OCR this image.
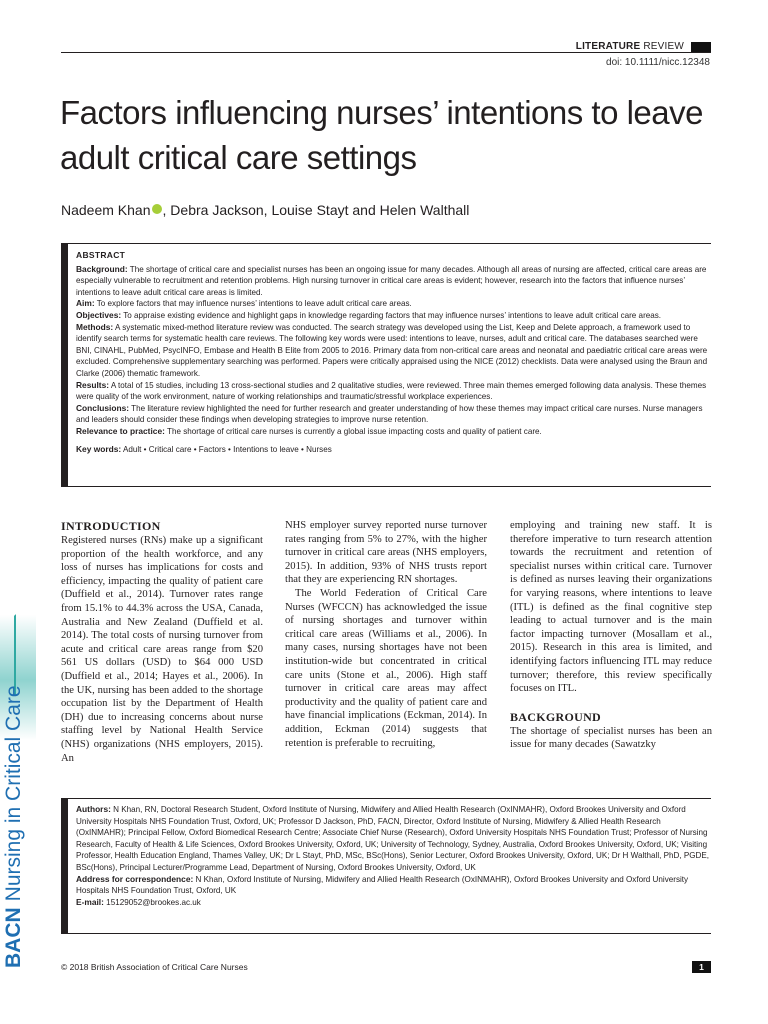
BACNNursing in Critical Care
LITERATURE REVIEW
doi: 10.1111/nicc.12348
Factors influencing nurses’ intentions to leave adult critical care settings
Nadeem Khan , Debra Jackson, Louise Stayt and Helen Walthall

ABSTRACT

Background: The shortage of critical care and specialist nurses has been an ongoing issue for many decades. Although all areas of nursing are affected, critical care areas are especially vulnerable to recruitment and retention problems. High nursing turnover in critical care areas is evident; however, research into the factors that influence nurses’ intentions to leave adult critical care areas is limited.

Aim: To explore factors that may influence nurses’ intentions to leave adult critical care areas.

Objectives: To appraise existing evidence and highlight gaps in knowledge regarding factors that may influence nurses’ intentions to leave adult critical care areas.

Methods: A systematic mixed-method literature review was conducted. The search strategy was developed using the List, Keep and Delete approach, a framework used to identify search terms for systematic health care reviews. The following key words were used: intentions to leave, nurses, adult and critical care. The databases searched were BNI, CINAHL, PubMed, PsycINFO, Embase and Health B Elite from 2005 to 2016. Primary data from non-critical care areas and neonatal and paediatric critical care areas were excluded. Comprehensive supplementary searching was performed. Papers were critically appraised using the NICE (2012) checklists. Data were analysed using the Braun and Clarke (2006) thematic framework.

Results: A total of 15 studies, including 13 cross-sectional studies and 2 qualitative studies, were reviewed. Three main themes emerged following data analysis. These themes were quality of the work environment, nature of working relationships and traumatic/stressful workplace experiences.

Conclusions: The literature review highlighted the need for further research and greater understanding of how these themes may impact critical care nurses. Nurse managers and leaders should consider these findings when developing strategies to improve nurse retention.

Relevance to practice: The shortage of critical care nurses is currently a global issue impacting costs and quality of patient care.

Key words: Adult • Critical care • Factors • Intentions to leave • Nurses

INTRODUCTION

Registered nurses (RNs) make up a significant proportion of the health workforce, and any loss of nurses has implications for costs and efficiency, impacting the quality of patient care (Duffield et al., 2014). Turnover rates range from 15.1% to 44.3% across the USA, Canada, Australia and New Zealand (Duffield et al. 2014). The total costs of nursing turnover from acute and critical care areas range from $20 561 US dollars (USD) to $64 000 USD (Duffield et al., 2014; Hayes et al., 2006). In the UK, nursing has been added to the shortage occupation list by the Department of Health (DH) due to increasing concerns about nurse staffing level by National Health Service (NHS) organizations (NHS employers, 2015). An

NHS employer survey reported nurse turnover rates ranging from 5% to 27%, with the higher turnover in critical care areas (NHS employers, 2015). In addition, 93% of NHS trusts report that they are experiencing RN shortages.

The World Federation of Critical Care Nurses (WFCCN) has acknowledged the issue of nursing shortages and turnover within critical care areas (Williams et al., 2006). In many cases, nursing shortages have not been institution-wide but concentrated in critical care units (Stone et al., 2006). High staff turnover in critical care areas may affect productivity and the quality of patient care and have financial implications (Eckman, 2014). In addition, Eckman (2014) suggests that retention is preferable to recruiting,

employing and training new staff. It is therefore imperative to turn research attention towards the recruitment and retention of specialist nurses within critical care. Turnover is defined as nurses leaving their organizations for varying reasons, where intentions to leave (ITL) is defined as the final cognitive step leading to actual turnover and is the main factor impacting turnover (Mosallam et al., 2015). Research in this area is limited, and identifying factors influencing ITL may reduce turnover; therefore, this review specifically focuses on ITL.

BACKGROUND

The shortage of specialist nurses has been an issue for many decades (Sawatzky

Authors: N Khan, RN, Doctoral Research Student, Oxford Institute of Nursing, Midwifery and Allied Health Research (OxINMAHR), Oxford Brookes University and Oxford University Hospitals NHS Foundation Trust, Oxford, UK; Professor D Jackson, PhD, FACN, Director, Oxford Institute of Nursing, Midwifery & Allied Health Research (OxINMAHR); Principal Fellow, Oxford Biomedical Research Centre; Associate Chief Nurse (Research), Oxford University Hospitals NHS Foundation Trust; Professor of Nursing Research, Faculty of Health & Life Sciences, Oxford Brookes University, Oxford, UK; University of Technology, Sydney, Australia, Oxford Brookes University, Oxford, UK; Visiting Professor, Health Education England, Thames Valley, UK; Dr L Stayt, PhD, MSc, BSc(Hons), Senior Lecturer, Oxford Brookes University, Oxford, UK; Dr H Walthall, PhD, PGDE, BSc(Hons), Principal Lecturer/Programme Lead, Department of Nursing, Oxford Brookes University, Oxford, UK

Address for correspondence: N Khan, Oxford Institute of Nursing, Midwifery and Allied Health Research (OxINMAHR), Oxford Brookes University and Oxford University Hospitals NHS Foundation Trust, Oxford, UK

E-mail: 15129052@brookes.ac.uk

© 2018 British Association of Critical Care Nurses	1
